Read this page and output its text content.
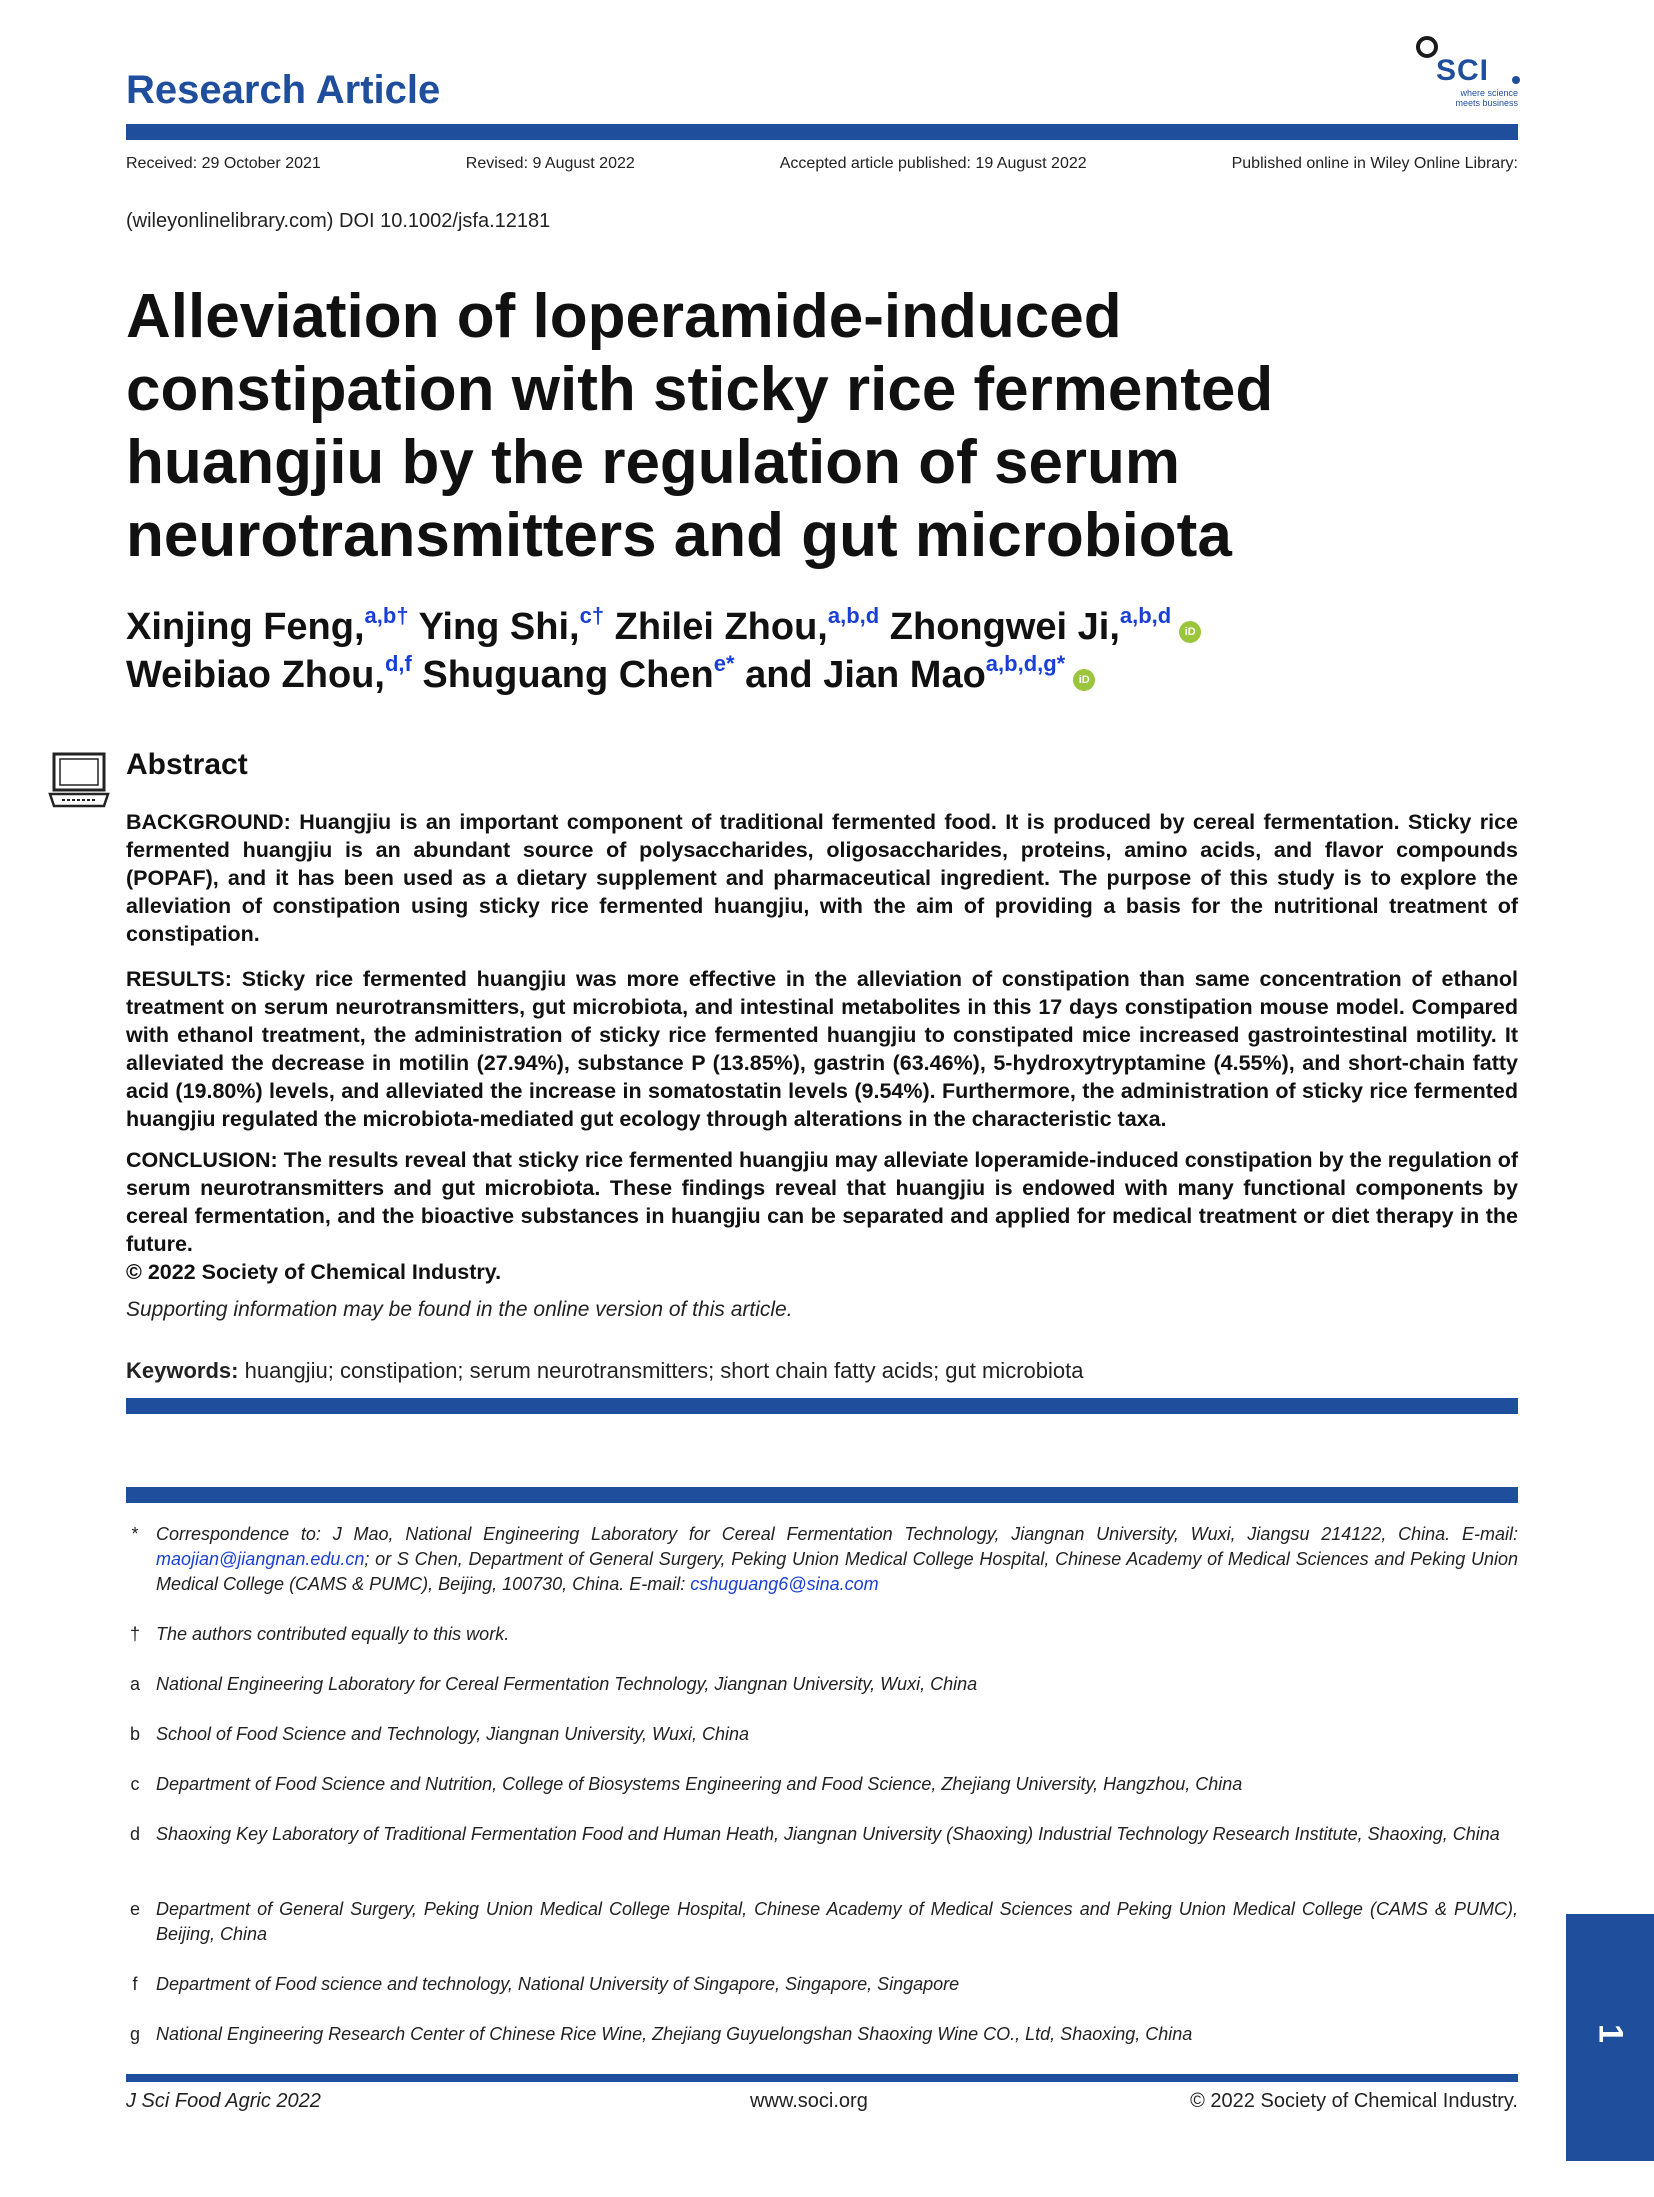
Research Article	SCI
where science
meets business
Received: 29 October 2021	Revised: 9 August 2022	Accepted article published: 19 August 2022	Published online in Wiley Online Library:
(wileyonlinelibrary.com) DOI 10.1002/jsfa.12181
Alleviation of loperamide-induced constipation with sticky rice fermented huangjiu by the regulation of serum neurotransmitters and gut microbiota
Xinjing Feng,$^{a,b\dagger}$ Ying Shi,$^{c\dagger}$ Zhilei Zhou,$^{a,b,d}$ Zhongwei Ji,$^{a,b,d}$iD
Weibiao Zhou,$^{d,f}$ Shuguang Chen$^{e*}$ and Jian Mao$^{a,b,d,g*}$iD
Abstract

BACKGROUND: Huangjiu is an important component of traditional fermented food. It is produced by cereal fermentation. Sticky rice fermented huangjiu is an abundant source of polysaccharides, oligosaccharides, proteins, amino acids, and flavor compounds (POPAF), and it has been used as a dietary supplement and pharmaceutical ingredient. The purpose of this study is to explore the alleviation of constipation using sticky rice fermented huangjiu, with the aim of providing a basis for the nutritional treatment of constipation.

RESULTS: Sticky rice fermented huangjiu was more effective in the alleviation of constipation than same concentration of ethanol treatment on serum neurotransmitters, gut microbiota, and intestinal metabolites in this 17 days constipation mouse model. Compared with ethanol treatment, the administration of sticky rice fermented huangjiu to constipated mice increased gastrointestinal motility. It alleviated the decrease in motilin (27.94%), substance P (13.85%), gastrin (63.46%), 5-hydroxytryptamine (4.55%), and short-chain fatty acid (19.80%) levels, and alleviated the increase in somatostatin levels (9.54%). Furthermore, the administration of sticky rice fermented huangjiu regulated the microbiota-mediated gut ecology through alterations in the characteristic taxa.

CONCLUSION: The results reveal that sticky rice fermented huangjiu may alleviate loperamide-induced constipation by the regulation of serum neurotransmitters and gut microbiota. These findings reveal that huangjiu is endowed with many functional components by cereal fermentation, and the bioactive substances in huangjiu can be separated and applied for medical treatment or diet therapy in the future.
© 2022 Society of Chemical Industry.

Supporting information may be found in the online version of this article.
Keywords: huangjiu; constipation; serum neurotransmitters; short chain fatty acids; gut microbiota
* Correspondence to: J Mao, National Engineering Laboratory for Cereal Fermentation Technology, Jiangnan University, Wuxi, Jiangsu 214122, China. E-mail: maojian@jiangnan.edu.cn; or S Chen, Department of General Surgery, Peking Union Medical College Hospital, Chinese Academy of Medical Sciences and Peking Union Medical College (CAMS & PUMC), Beijing, 100730, China. E-mail: cshuguang6@sina.com
† The authors contributed equally to this work.
a National Engineering Laboratory for Cereal Fermentation Technology, Jiangnan University, Wuxi, China
b School of Food Science and Technology, Jiangnan University, Wuxi, China
c Department of Food Science and Nutrition, College of Biosystems Engineering and Food Science, Zhejiang University, Hangzhou, China
d Shaoxing Key Laboratory of Traditional Fermentation Food and Human Heath, Jiangnan University (Shaoxing) Industrial Technology Research Institute, Shaoxing, China
e Department of General Surgery, Peking Union Medical College Hospital, Chinese Academy of Medical Sciences and Peking Union Medical College (CAMS & PUMC), Beijing, China
f	Department of Food science and technology, National University of Singapore, Singapore, Singapore
g National Engineering Research Center of Chinese Rice Wine, Zhejiang Guyuelongshan Shaoxing Wine CO., Ltd, Shaoxing, China
J Sci Food Agric 2022	www.soci.org	© 2022 Society of Chemical Industry.
1
